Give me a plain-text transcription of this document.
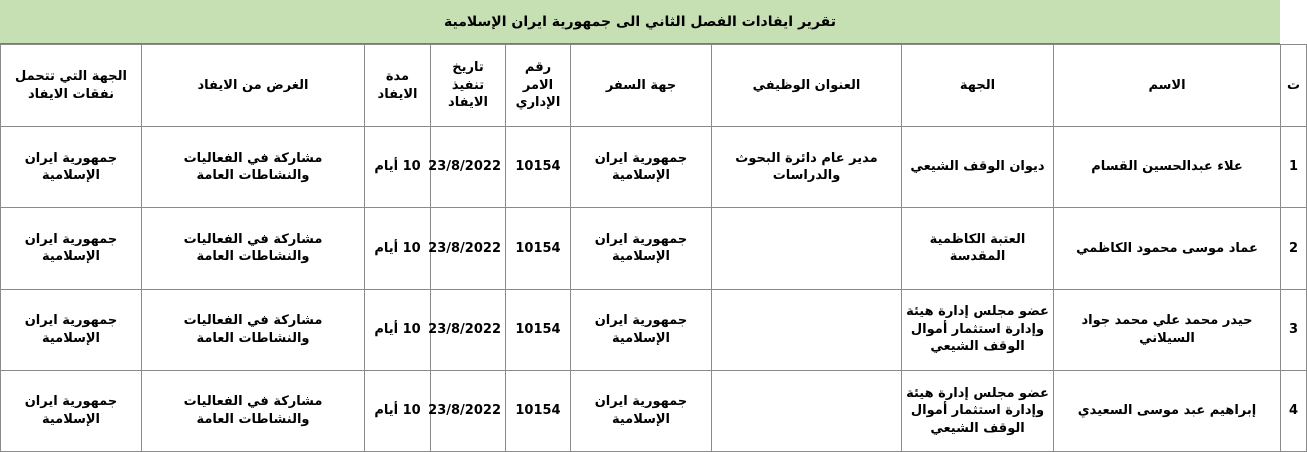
تقرير ايفادات الفصل الثاني الى جمهورية ايران الإسلامية
ت	الاسم	الجهة	العنوان الوظيفي	جهة السفر	رقم الامر الإداري	تاريخ تنفيذ الايفاد	مدة الايفاد	الغرض من الايفاد	الجهة التي تتحمل نفقات الايفاد
1	علاء عبدالحسين القسام	ديوان الوقف الشيعي	مدير عام دائرة البحوث والدراسات	جمهورية ايران الإسلامية	10154	23/8/2022	10 أيام	مشاركة في الفعاليات والنشاطات العامة	جمهورية ايران الإسلامية
2	عماد موسى محمود الكاظمي	العتبة الكاظمية المقدسة		جمهورية ايران الإسلامية	10154	23/8/2022	10 أيام	مشاركة في الفعاليات والنشاطات العامة	جمهورية ايران الإسلامية
3	حيدر محمد علي محمد جواد السيلاني	عضو مجلس إدارة هيئة وإدارة استثمار أموال الوقف الشيعي		جمهورية ايران الإسلامية	10154	23/8/2022	10 أيام	مشاركة في الفعاليات والنشاطات العامة	جمهورية ايران الإسلامية
4	إبراهيم عبد موسى السعيدي	عضو مجلس إدارة هيئة وإدارة استثمار أموال الوقف الشيعي		جمهورية ايران الإسلامية	10154	23/8/2022	10 أيام	مشاركة في الفعاليات والنشاطات العامة	جمهورية ايران الإسلامية
